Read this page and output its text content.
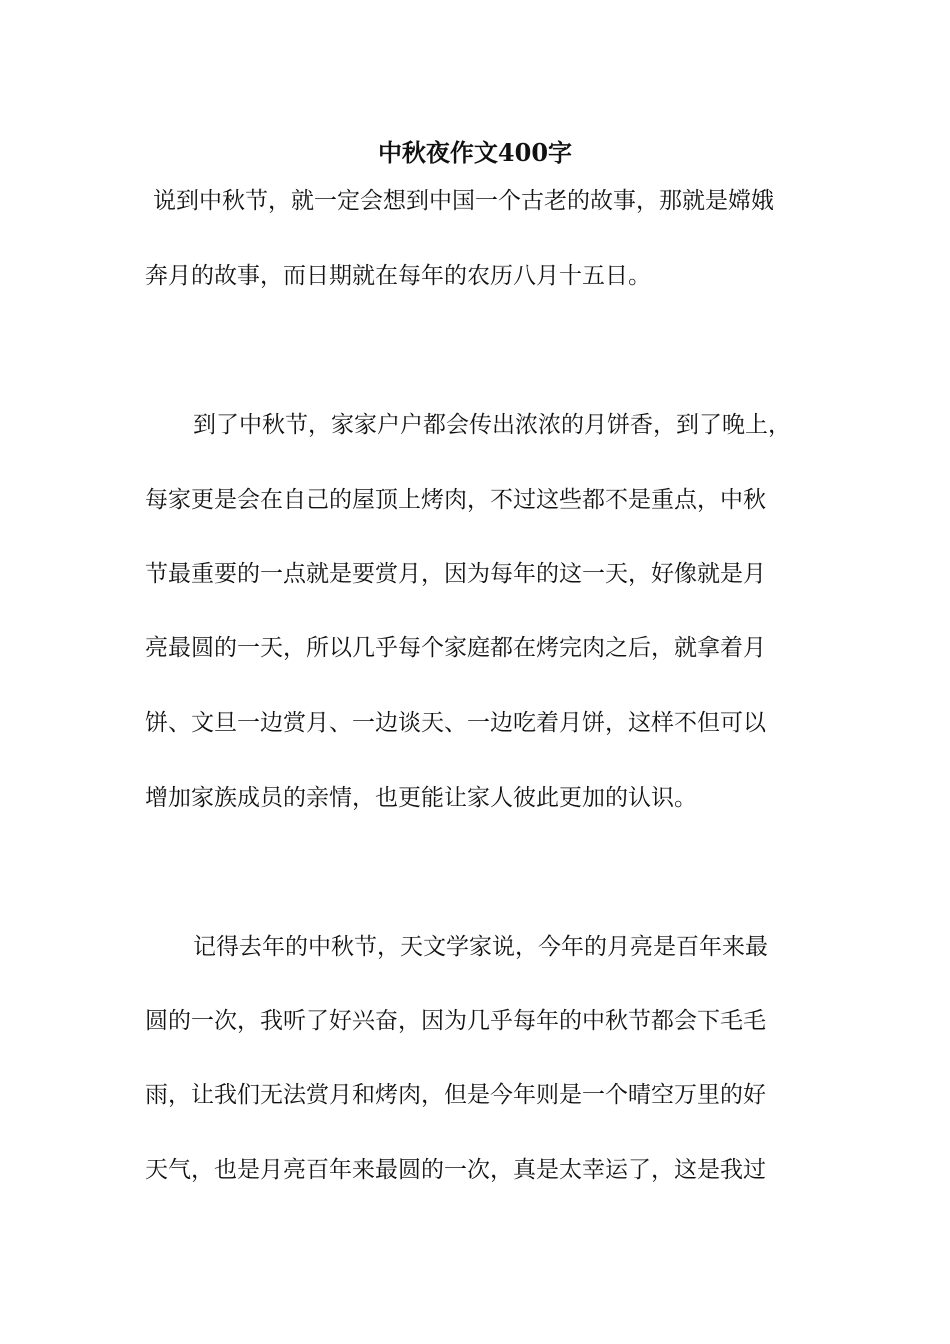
中秋夜作文400字

说到中秋节，就一定会想到中国一个古老的故事，那就是嫦娥

奔月的故事，而日期就在每年的农历八月十五日。

到了中秋节，家家户户都会传出浓浓的月饼香，到了晚上，

每家更是会在自己的屋顶上烤肉，不过这些都不是重点，中秋

节最重要的一点就是要赏月，因为每年的这一天，好像就是月

亮最圆的一天，所以几乎每个家庭都在烤完肉之后，就拿着月

饼、文旦一边赏月、一边谈天、一边吃着月饼，这样不但可以

增加家族成员的亲情，也更能让家人彼此更加的认识。

记得去年的中秋节，天文学家说，今年的月亮是百年来最

圆的一次，我听了好兴奋，因为几乎每年的中秋节都会下毛毛

雨，让我们无法赏月和烤肉，但是今年则是一个晴空万里的好

天气，也是月亮百年来最圆的一次，真是太幸运了，这是我过
